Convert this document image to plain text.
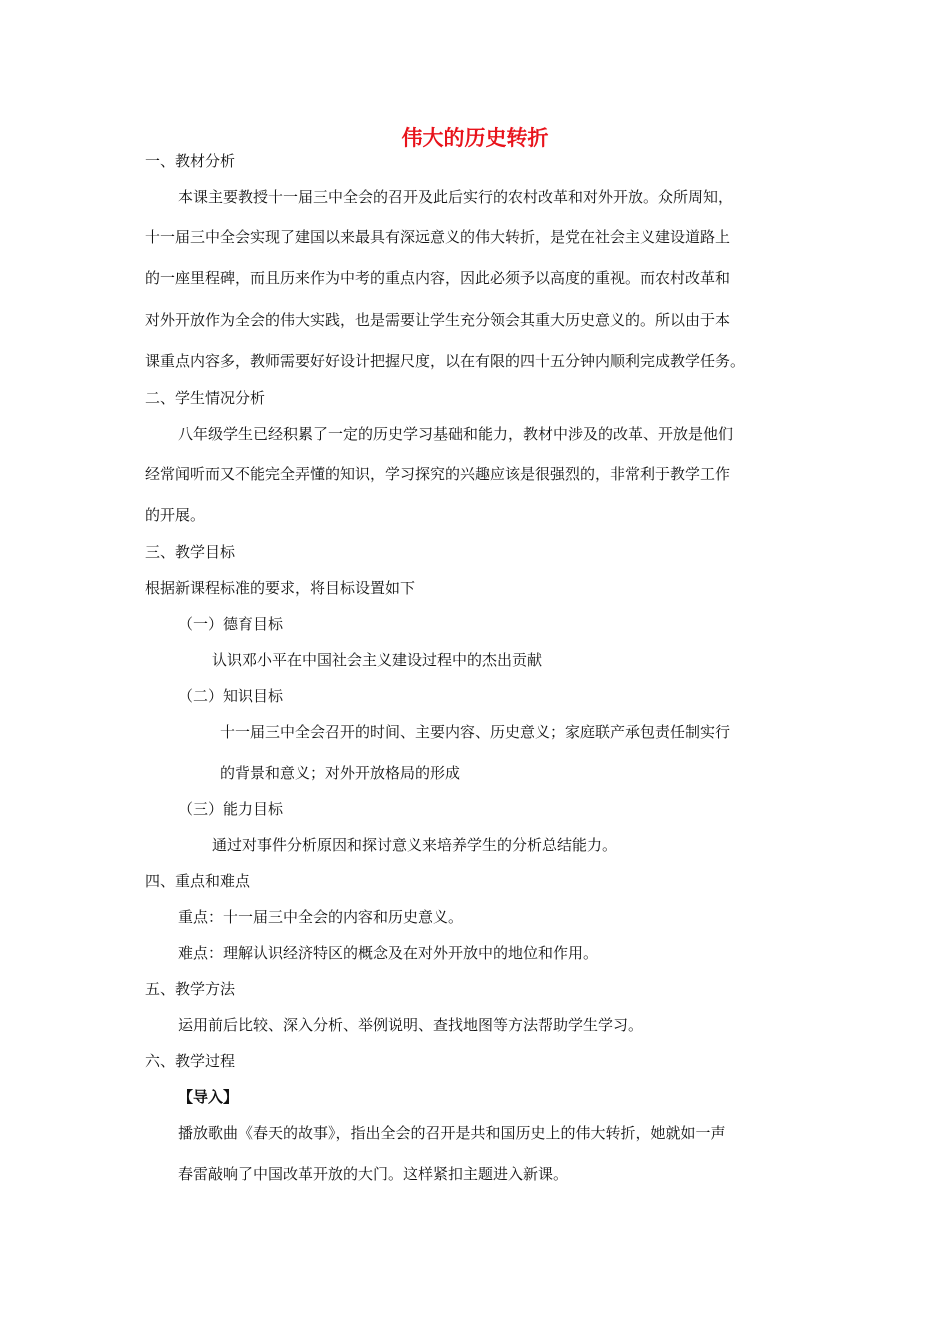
伟大的历史转折
一、教材分析
本课主要教授十一届三中全会的召开及此后实行的农村改革和对外开放。众所周知，
十一届三中全会实现了建国以来最具有深远意义的伟大转折，是党在社会主义建设道路上
的一座里程碑，而且历来作为中考的重点内容，因此必须予以高度的重视。而农村改革和
对外开放作为全会的伟大实践，也是需要让学生充分领会其重大历史意义的。所以由于本
课重点内容多，教师需要好好设计把握尺度，以在有限的四十五分钟内顺利完成教学任务。
二、学生情况分析
八年级学生已经积累了一定的历史学习基础和能力，教材中涉及的改革、开放是他们
经常闻听而又不能完全弄懂的知识，学习探究的兴趣应该是很强烈的，非常利于教学工作
的开展。
三、教学目标
根据新课程标准的要求，将目标设置如下
（一）德育目标
认识邓小平在中国社会主义建设过程中的杰出贡献
（二）知识目标
十一届三中全会召开的时间、主要内容、历史意义；家庭联产承包责任制实行
的背景和意义；对外开放格局的形成
（三）能力目标
通过对事件分析原因和探讨意义来培养学生的分析总结能力。
四、重点和难点
重点：十一届三中全会的内容和历史意义。
难点：理解认识经济特区的概念及在对外开放中的地位和作用。
五、教学方法
运用前后比较、深入分析、举例说明、查找地图等方法帮助学生学习。
六、教学过程
【导入】
播放歌曲《春天的故事》，指出全会的召开是共和国历史上的伟大转折，她就如一声
春雷敲响了中国改革开放的大门。这样紧扣主题进入新课。
